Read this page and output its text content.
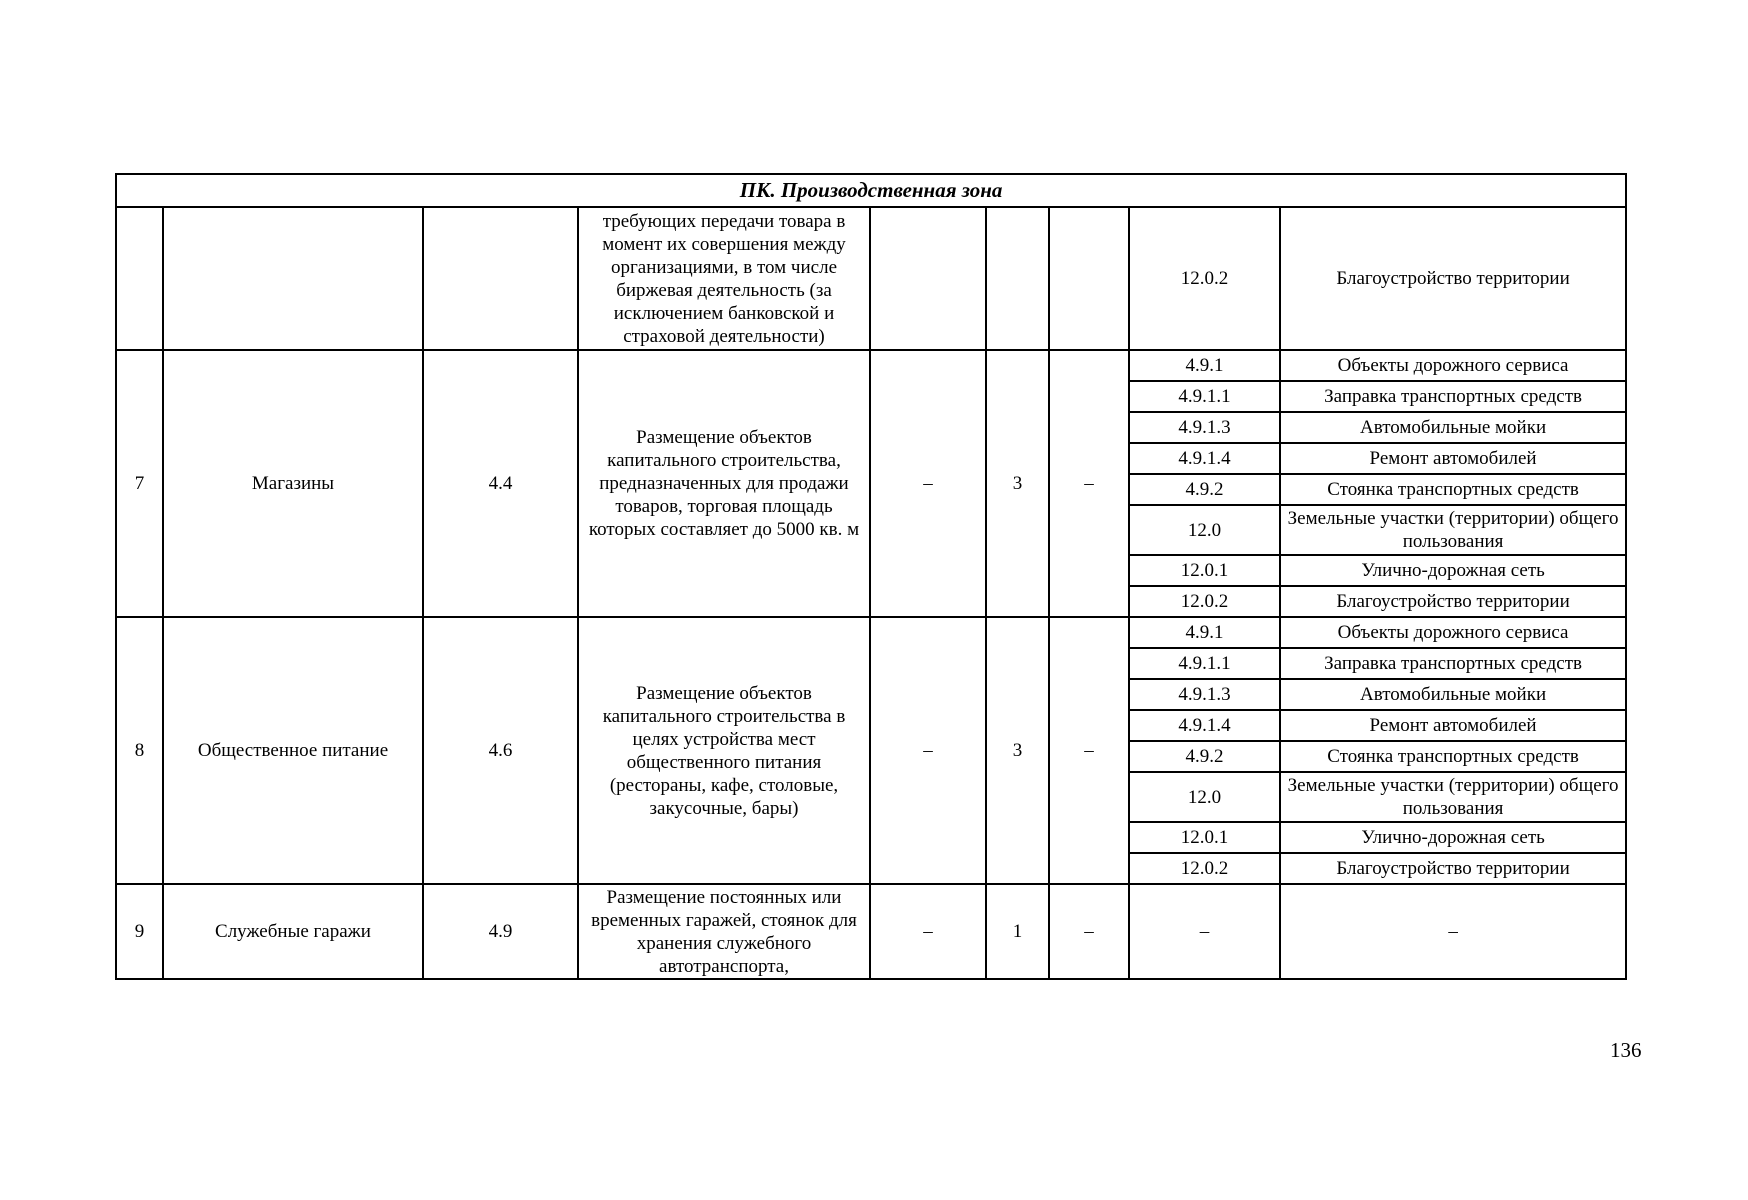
ПК. Производственная зона								
			требующих передачи товара в момент их совершения между организациями, в том числе биржевая деятельность (за исключением банковской и страховой деятельности)				12.0.2	Благоустройство территории
7	Магазины	4.4	Размещение объектов капитального строительства, предназначенных для продажи товаров, торговая площадь которых составляет до 5000 кв. м	–	3	–	4.9.1	Объекты дорожного сервиса
							4.9.1.1	Заправка транспортных средств
							4.9.1.3	Автомобильные мойки
							4.9.1.4	Ремонт автомобилей
							4.9.2	Стоянка транспортных средств
							12.0	Земельные участки (территории) общего пользования
							12.0.1	Улично-дорожная сеть
							12.0.2	Благоустройство территории
8	Общественное питание	4.6	Размещение объектов капитального строительства в целях устройства мест общественного питания (рестораны, кафе, столовые, закусочные, бары)	–	3	–	4.9.1	Объекты дорожного сервиса
							4.9.1.1	Заправка транспортных средств
							4.9.1.3	Автомобильные мойки
							4.9.1.4	Ремонт автомобилей
							4.9.2	Стоянка транспортных средств
							12.0	Земельные участки (территории) общего пользования
							12.0.1	Улично-дорожная сеть
							12.0.2	Благоустройство территории
9	Служебные гаражи	4.9	Размещение постоянных или временных гаражей, стоянок для хранения служебного автотранспорта,	–	1	–	–	–
136
